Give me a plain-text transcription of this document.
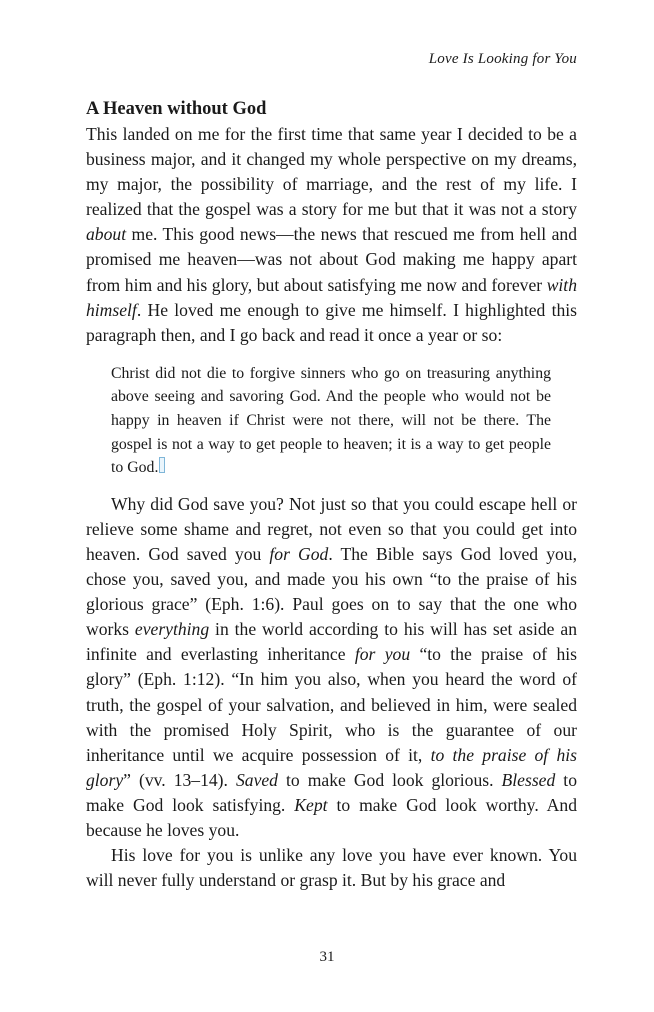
Love Is Looking for You
A Heaven without God

This landed on me for the first time that same year I decided to be a business major, and it changed my whole perspective on my dreams, my major, the possibility of marriage, and the rest of my life. I realized that the gospel was a story for me but that it was not a story about me. This good news—the news that rescued me from hell and promised me heaven—was not about God making me happy apart from him and his glory, but about satisfying me now and forever with himself. He loved me enough to give me himself. I highlighted this paragraph then, and I go back and read it once a year or so:

Christ did not die to forgive sinners who go on treasuring anything above seeing and savoring God. And the people who would not be happy in heaven if Christ were not there, will not be there. The gospel is not a way to get people to heaven; it is a way to get people to God.

Why did God save you? Not just so that you could escape hell or relieve some shame and regret, not even so that you could get into heaven. God saved you for God. The Bible says God loved you, chose you, saved you, and made you his own “to the praise of his glorious grace” (Eph. 1:6). Paul goes on to say that the one who works everything in the world according to his will has set aside an infinite and everlasting inheritance for you “to the praise of his glory” (Eph. 1:12). “In him you also, when you heard the word of truth, the gospel of your salvation, and believed in him, were sealed with the promised Holy Spirit, who is the guarantee of our inheritance until we acquire possession of it, to the praise of his glory” (vv. 13–14). Saved to make God look glorious. Blessed to make God look satisfying. Kept to make God look worthy. And because he loves you.

His love for you is unlike any love you have ever known. You will never fully understand or grasp it. But by his grace and

31
